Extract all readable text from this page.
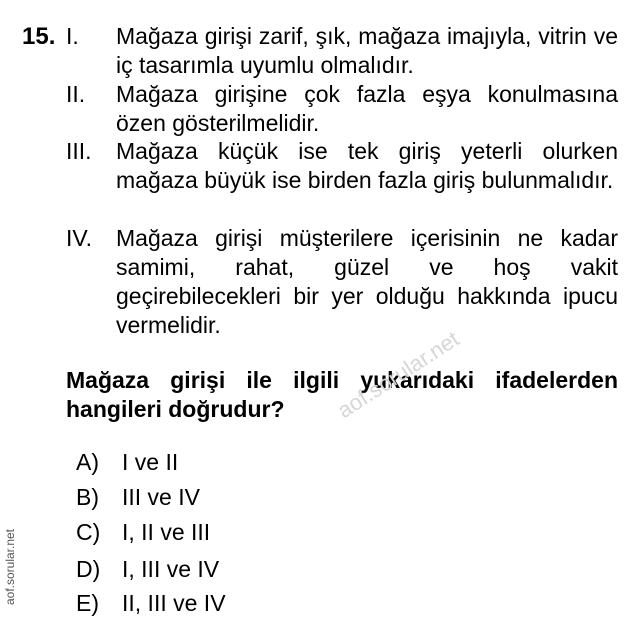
15. I. Mağaza girişi zarif, şık, mağaza imajıyla, vitrin ve iç tasarımla uyumlu olmalıdır.
II. Mağaza girişine çok fazla eşya konulmasına özen gösterilmelidir.
III. Mağaza küçük ise tek giriş yeterli olurken mağaza büyük ise birden fazla giriş bulunmalıdır.
IV. Mağaza girişi müşterilere içerisinin ne kadar samimi, rahat, güzel ve hoş vakit geçirebilecekleri bir yer olduğu hakkında ipucu vermelidir.
Mağaza girişi ile ilgili yukarıdaki ifadelerden hangileri doğrudur?
A) I ve II
B) III ve IV
C) I, II ve III
D) I, III ve IV
E) II, III ve IV
aof.sorular.net
aof.sorular.net
